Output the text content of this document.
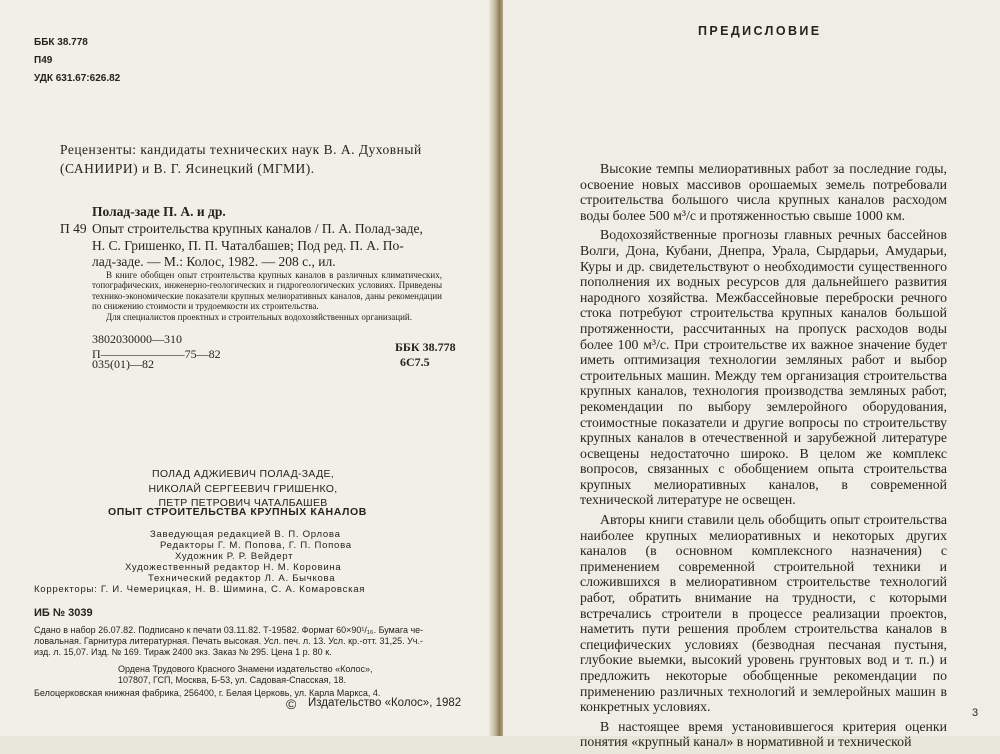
ББК 38.778
П49
УДК 631.67:626.82
Рецензенты: кандидаты технических наук В. А. Духовный
(САНИИРИ) и В. Г. Ясинецкий (МГМИ).
Полад-заде П. А. и др.
П 49 Опыт строительства крупных каналов / П. А. Полад-заде,
Н. С. Гришенко, П. П. Чаталбашев; Под ред. П. А. По-
лад-заде. — М.: Колос, 1982. — 208 с., ил.

В книге обобщен опыт строительства крупных каналов в различных климатических, топографических, инженерно-геологических и гидрогеологических условиях. Приведены технико-экономические показатели крупных мелиоративных каналов, даны рекомендации по снижению стоимости и трудоемкости их строительства.

Для специалистов проектных и строительных водохозяйственных организаций.

3802030000—310
П———————75—82
035(01)—82
ББК 38.778
6С7.5
ПОЛАД АДЖИЕВИЧ ПОЛАД-ЗАДЕ,
НИКОЛАЙ СЕРГЕЕВИЧ ГРИШЕНКО,
ПЕТР ПЕТРОВИЧ ЧАТАЛБАШЕВ
ОПЫТ СТРОИТЕЛЬСТВА КРУПНЫХ КАНАЛОВ
Заведующая редакцией В. П. Орлова
Редакторы Г. М. Попова, Г. П. Попова
Художник Р. Р. Вейдерт
Художественный редактор Н. М. Коровина
Технический редактор Л. А. Бычкова
Корректоры: Г. И. Чемерицкая, Н. В. Шимина, С. А. Комаровская
ИБ № 3039
Сдано в набор 26.07.82. Подписано к печати 03.11.82. Т-19582. Формат 60×90¹/₁₆. Бумага че-
ловальная. Гарнитура литературная. Печать высокая. Усл. печ. л. 13. Усл. кр.-отт. 31,25. Уч.-
изд. л. 15,07. Изд. № 169. Тираж 2400 экз. Заказ № 295. Цена 1 р. 80 к.
Ордена Трудового Красного Знамени издательство «Колос»,
107807, ГСП, Москва, Б-53, ул. Садовая-Спасская, 18.
Белоцерковская книжная фабрика, 256400, г. Белая Церковь, ул. Карла Маркса, 4.
© Издательство «Колос», 1982
ПРЕДИСЛОВИЕ

Высокие темпы мелиоративных работ за последние годы, освоение новых массивов орошаемых земель потребовали строительства большого числа крупных каналов расходом воды более 500 м³/с и протяженностью свыше 1000 км.

Водохозяйственные прогнозы главных речных бассейнов Волги, Дона, Кубани, Днепра, Урала, Сырдарьи, Амударьи, Куры и др. свидетельствуют о необходимости существенного пополнения их водных ресурсов для дальнейшего развития народного хозяйства. Межбассейновые переброски речного стока потребуют строительства крупных каналов большой протяженности, рассчитанных на пропуск расходов воды более 100 м³/с. При строительстве их важное значение будет иметь оптимизация технологии земляных работ и выбор строительных машин. Между тем организация строительства крупных каналов, технология производства земляных работ, рекомендации по выбору землеройного оборудования, стоимостные показатели и другие вопросы по строительству крупных каналов в отечественной и зарубежной литературе освещены недостаточно широко. В целом же комплекс вопросов, связанных с обобщением опыта строительства крупных мелиоративных каналов, в современной технической литературе не освещен.

Авторы книги ставили цель обобщить опыт строительства наиболее крупных мелиоративных и некоторых других каналов (в основном комплексного назначения) с применением современной строительной техники и сложившихся в мелиоративном строительстве технологий работ, обратить внимание на трудности, с которыми встречались строители в процессе реализации проектов, наметить пути решения проблем строительства каналов в специфических условиях (безводная песчаная пустыня, глубокие выемки, высокий уровень грунтовых вод и т. п.) и предложить некоторые обобщенные рекомендации по применению различных технологий и землеройных машин в конкретных условиях.

В настоящее время установившегося критерия оценки понятия «крупный канал» в нормативной и технической

3
